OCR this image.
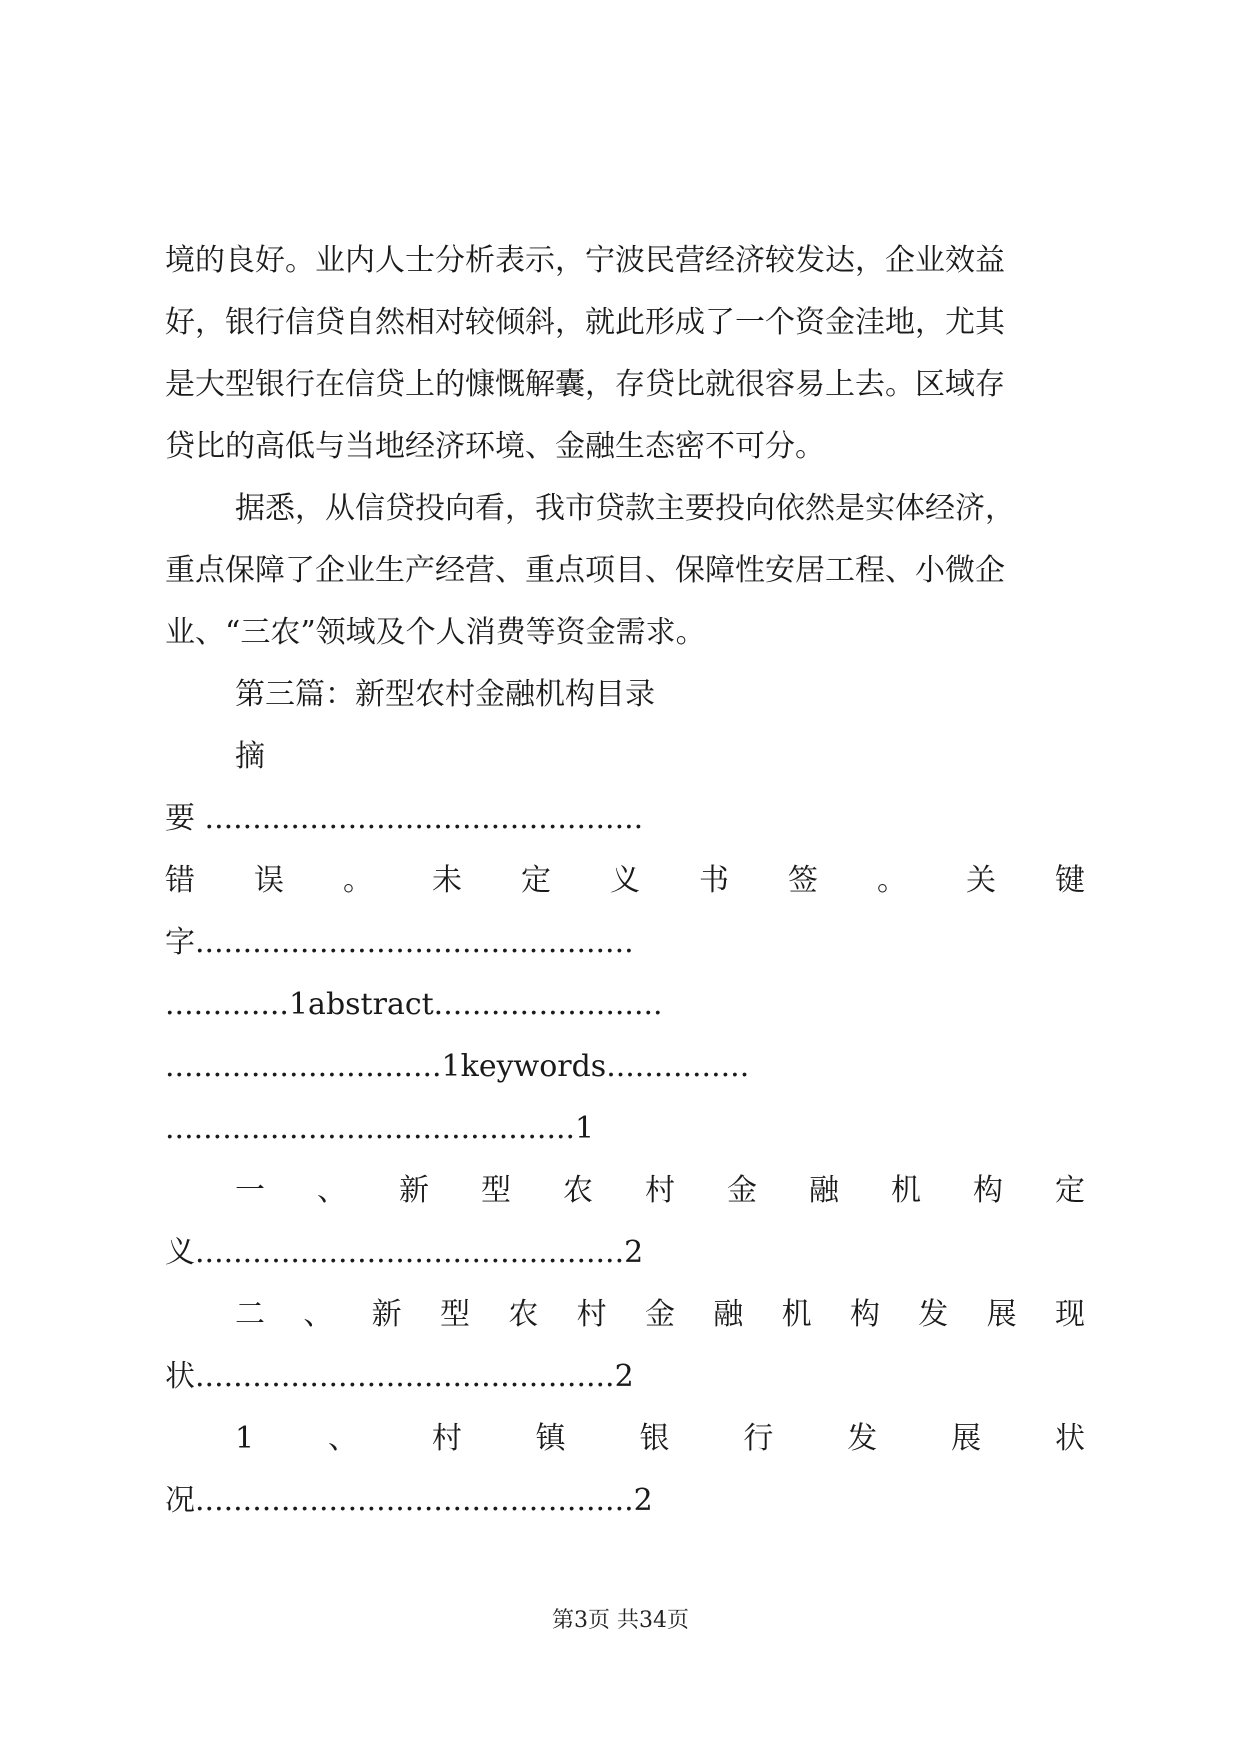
境的良好。业内人士分析表示，宁波民营经济较发达，企业效益
好，银行信贷自然相对较倾斜，就此形成了一个资金洼地，尤其
是大型银行在信贷上的慷慨解囊，存贷比就很容易上去。区域存
贷比的高低与当地经济环境、金融生态密不可分。
据悉，从信贷投向看，我市贷款主要投向依然是实体经济，
重点保障了企业生产经营、重点项目、保障性安居工程、小微企
业、“三农”领域及个人消费等资金需求。
第三篇：新型农村金融机构目录
摘
要 ..............................................
错 误 。 未 定 义 书 签 。 关 键
字..............................................
.............1abstract........................
.............................1keywords...............
...........................................1
一 、 新 型 农 村 金 融 机 构 定
义.............................................2
二 、 新 型 农 村 金 融 机 构 发 展 现
状............................................2
1 、 村 镇 银 行 发 展 状
况..............................................2
第3页 共34页
